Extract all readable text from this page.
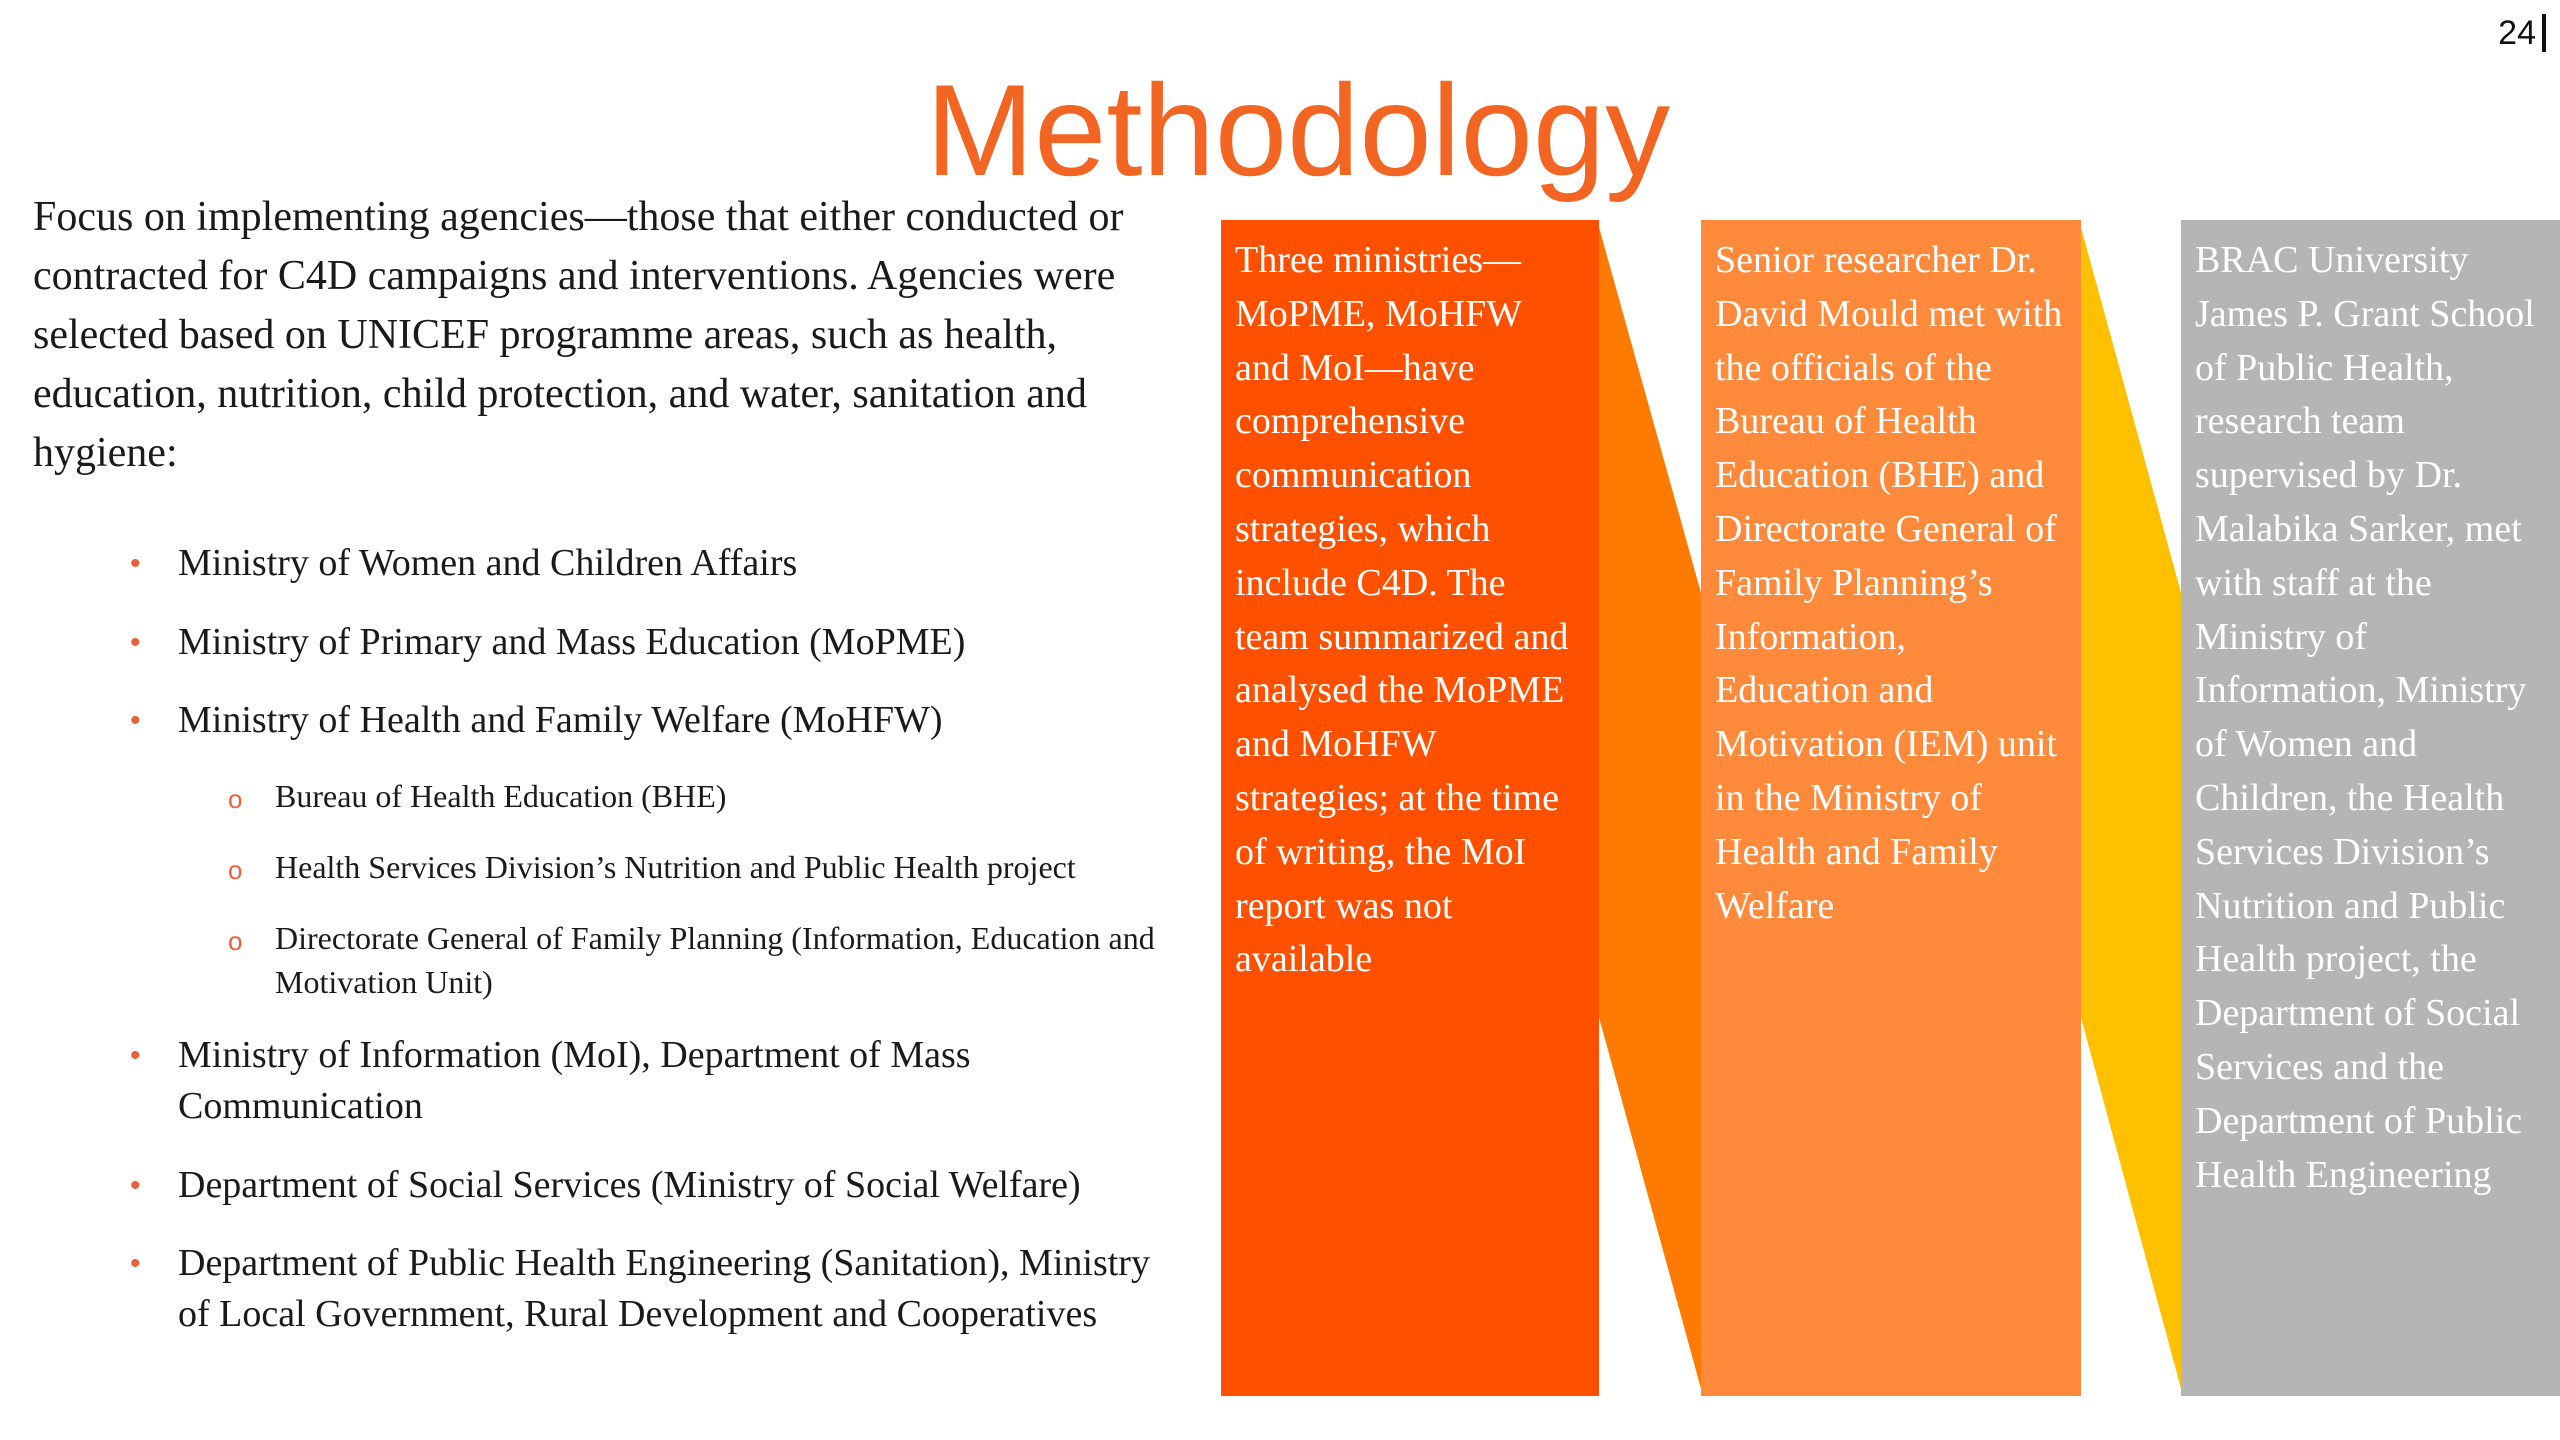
24
Methodology

Focus on implementing agencies—those that either conducted or contracted for C4D campaigns and interventions. Agencies were selected based on UNICEF programme areas, such as health, education, nutrition, child protection, and water, sanitation and hygiene:

• Ministry of Women and Children Affairs
• Ministry of Primary and Mass Education (MoPME)
• Ministry of Health and Family Welfare (MoHFW)
o Bureau of Health Education (BHE)
o Health Services Division’s Nutrition and Public Health project
o Directorate General of Family Planning (Information, Education and Motivation Unit)
• Ministry of Information (MoI), Department of Mass Communication
• Department of Social Services (Ministry of Social Welfare)
• Department of Public Health Engineering (Sanitation), Ministry of Local Government, Rural Development and Cooperatives
Three ministries—MoPME, MoHFW and MoI—have comprehensive communication strategies, which include C4D. The team summarized and analysed the MoPME and MoHFW strategies; at the time of writing, the MoI report was not available
Senior researcher Dr. David Mould met with the officials of the Bureau of Health Education (BHE) and Directorate General of Family Planning’s Information, Education and Motivation (IEM) unit in the Ministry of Health and Family Welfare
BRAC University James P. Grant School of Public Health, research team supervised by Dr. Malabika Sarker, met with staff at the Ministry of Information, Ministry of Women and Children, the Health Services Division’s Nutrition and Public Health project, the Department of Social Services and the Department of Public Health Engineering
